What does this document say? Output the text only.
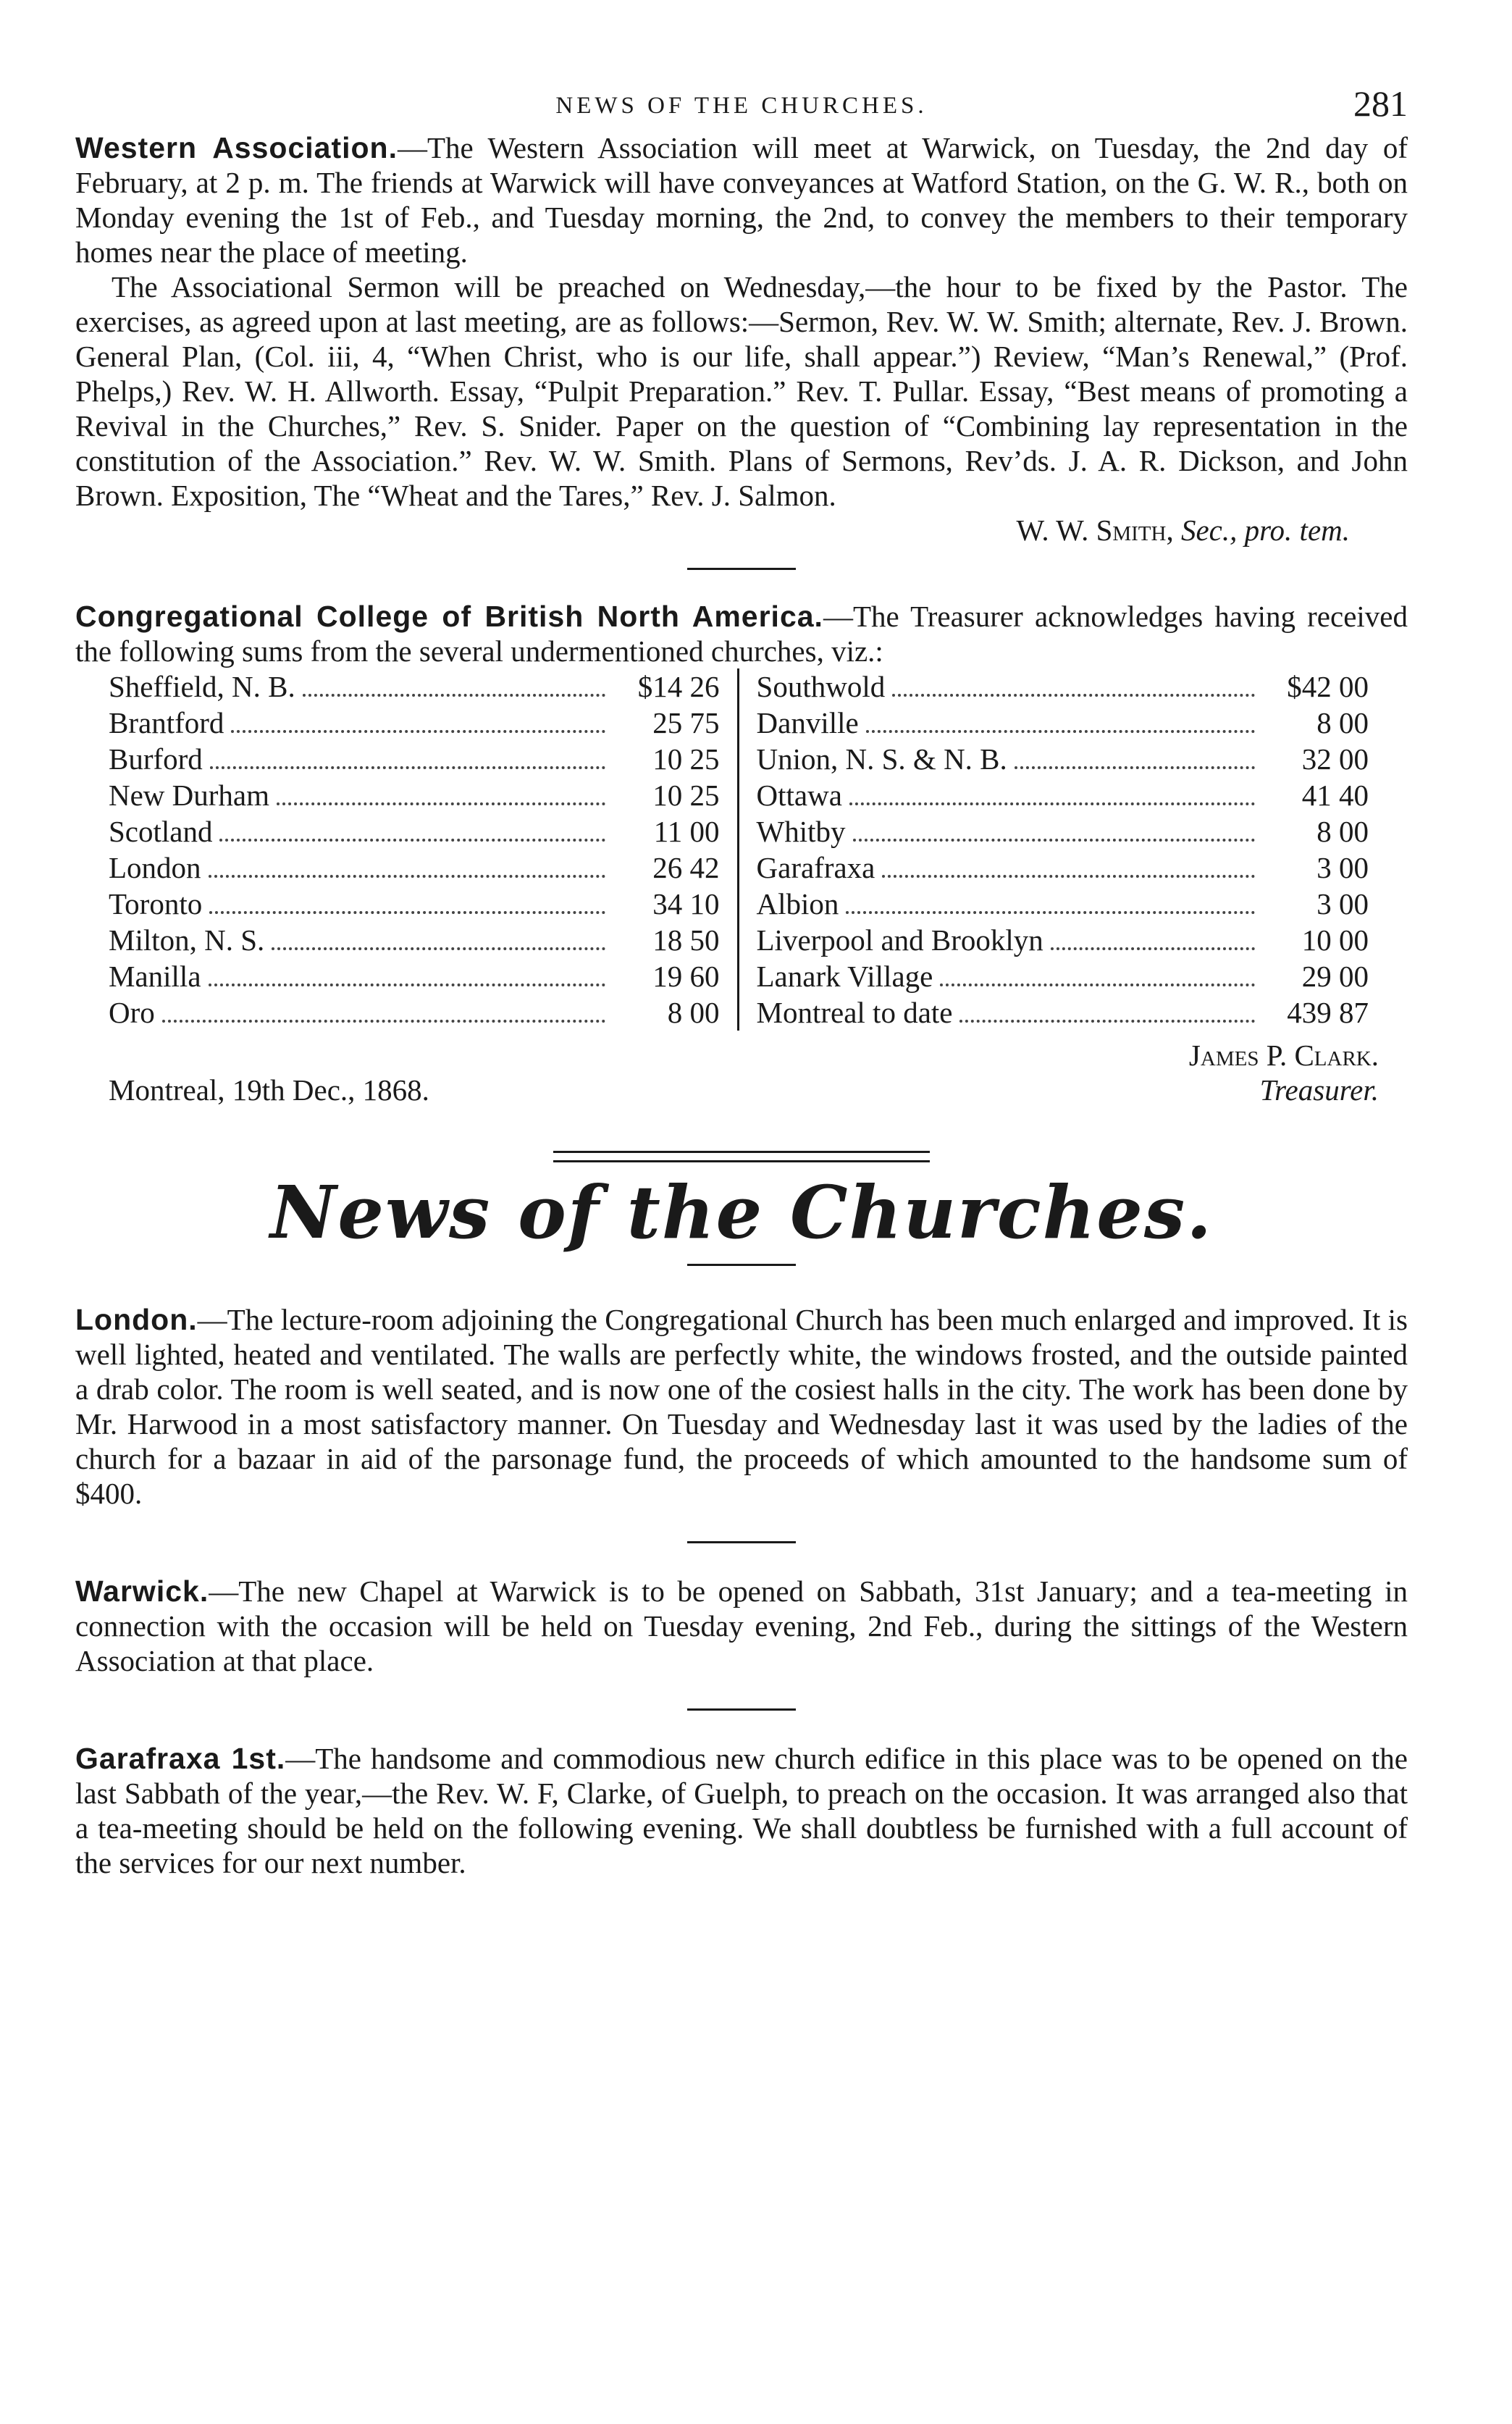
NEWS OF THE CHURCHES.	281

Western Association.—The Western Association will meet at Warwick, on Tuesday, the 2nd day of February, at 2 p. m. The friends at Warwick will have conveyances at Watford Station, on the G. W. R., both on Monday evening the 1st of Feb., and Tuesday morning, the 2nd, to convey the members to their temporary homes near the place of meeting.

The Associational Sermon will be preached on Wednesday,—the hour to be fixed by the Pastor. The exercises, as agreed upon at last meeting, are as follows:—Sermon, Rev. W. W. Smith; alternate, Rev. J. Brown. General Plan, (Col. iii, 4, “When Christ, who is our life, shall appear.”) Review, “Man’s Renewal,” (Prof. Phelps,) Rev. W. H. Allworth. Essay, “Pulpit Preparation.” Rev. T. Pullar. Essay, “Best means of promoting a Revival in the Churches,” Rev. S. Snider. Paper on the question of “Combining lay representation in the constitution of the Association.” Rev. W. W. Smith. Plans of Sermons, Rev’ds. J. A. R. Dickson, and John Brown. Exposition, The “Wheat and the Tares,” Rev. J. Salmon.

W. W. Smith, Sec., pro. tem.

Congregational College of British North America.—The Treasurer acknowledges having received the following sums from the several undermentioned churches, viz.:

Sheffield, N. B.	$14 26	Southwold	$42 00

Brantford	25 75	Danville	8 00

Burford	10 25	Union, N. S. & N. B.	32 00

New Durham	10 25	Ottawa	41 40

Scotland	11 00	Whitby	8 00

London	26 42	Garafraxa	3 00

Toronto	34 10	Albion	3 00

Milton, N. S.	18 50	Liverpool and Brooklyn	10 00

Manilla	19 60	Lanark Village	29 00

Oro	8 00	Montreal to date	439 87
James P. Clark.
Montreal, 19th Dec., 1868.	Treasurer.
News of the Churches.

London.—The lecture-room adjoining the Congregational Church has been much enlarged and improved. It is well lighted, heated and ventilated. The walls are perfectly white, the windows frosted, and the outside painted a drab color. The room is well seated, and is now one of the cosiest halls in the city. The work has been done by Mr. Harwood in a most satisfactory manner. On Tuesday and Wednesday last it was used by the ladies of the church for a bazaar in aid of the parsonage fund, the proceeds of which amounted to the handsome sum of $400.

Warwick.—The new Chapel at Warwick is to be opened on Sabbath, 31st January; and a tea-meeting in connection with the occasion will be held on Tuesday evening, 2nd Feb., during the sittings of the Western Association at that place.

Garafraxa 1st.—The handsome and commodious new church edifice in this place was to be opened on the last Sabbath of the year,—the Rev. W. F, Clarke, of Guelph, to preach on the occasion. It was arranged also that a tea-meeting should be held on the following evening. We shall doubtless be furnished with a full account of the services for our next number.
